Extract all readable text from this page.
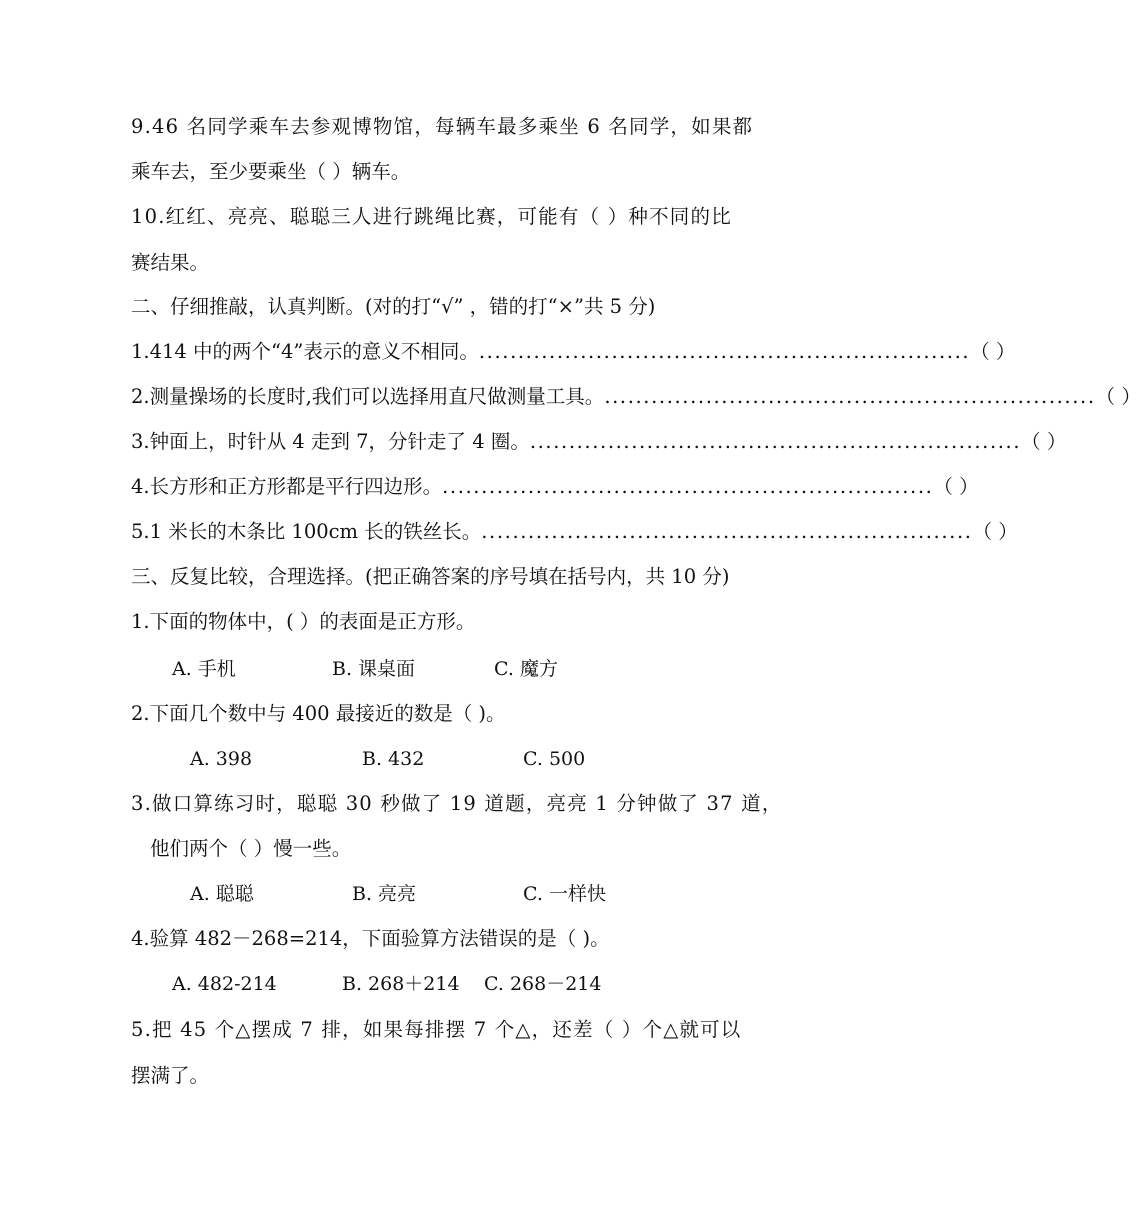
9.46 名同学乘车去参观博物馆，每辆车最多乘坐 6 名同学，如果都
乘车去，至少要乘坐（ ）辆车。
10.红红、亮亮、聪聪三人进行跳绳比赛，可能有（ ）种不同的比
赛结果。
二、仔细推敲，认真判断。(对的打“√” ，错的打“×”共 5 分)
1.414 中的两个“4”表示的意义不相同。 ............................................................... （ ）
2.测量操场的长度时,我们可以选择用直尺做测量工具。 ............................................................... （ ）
3.钟面上，时针从 4 走到 7，分针走了 4 圈。 ............................................................... （ ）
4.长方形和正方形都是平行四边形。 ............................................................... （ ）
5.1 米长的木条比 100cm 长的铁丝长。 ............................................................... （ ）
三、反复比较，合理选择。(把正确答案的序号填在括号内，共 10 分)
1.下面的物体中，( ）的表面是正方形。
A. 手机	B. 课桌面	C. 魔方
2.下面几个数中与 400 最接近的数是（ )。
A. 398	B. 432	C. 500
3.做口算练习时，聪聪 30 秒做了 19 道题，亮亮 1 分钟做了 37 道，
他们两个（ ）慢一些。
A. 聪聪	B. 亮亮	C. 一样快
4.验算 482－268=214，下面验算方法错误的是（ )。
A. 482-214	B. 268＋214 C. 268－214
5.把 45 个△摆成 7 排，如果每排摆 7 个△，还差（ ）个△就可以
摆满了。
